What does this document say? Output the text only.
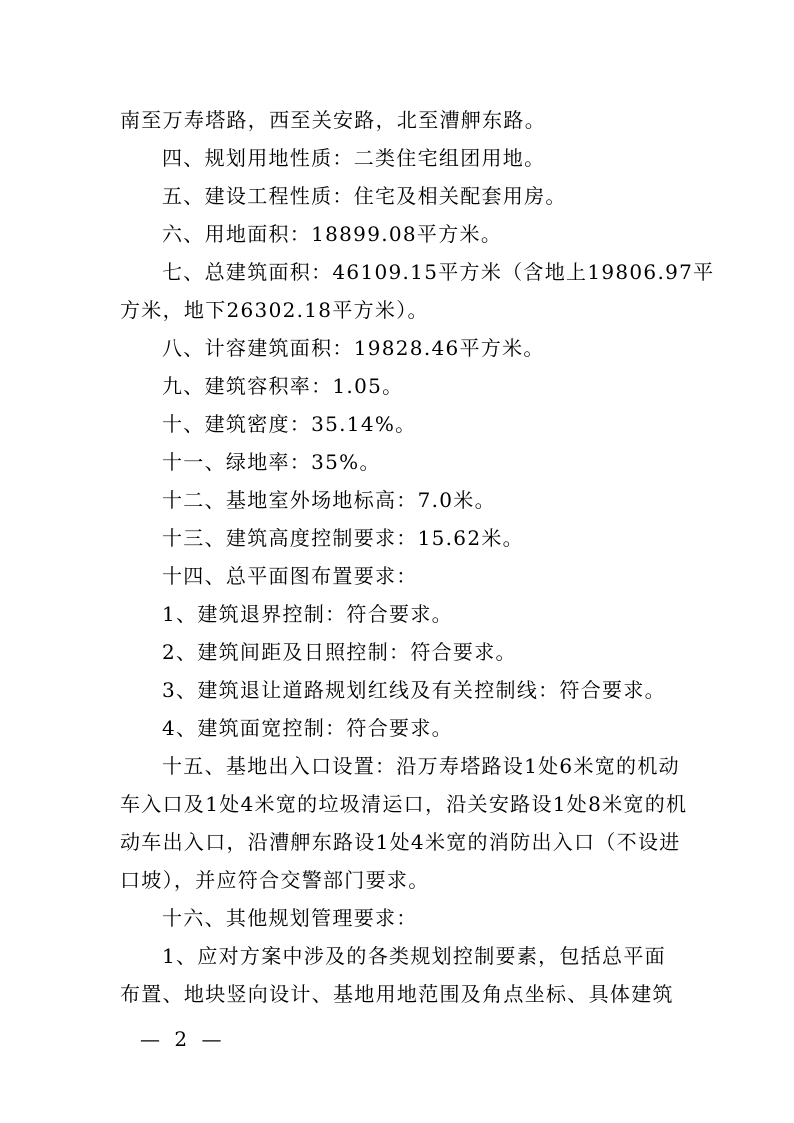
南至万寿塔路，西至关安路，北至漕舺东路。
四、规划用地性质：二类住宅组团用地。
五、建设工程性质：住宅及相关配套用房。
六、用地面积：18899.08平方米。
七、总建筑面积：46109.15平方米（含地上19806.97平
方米，地下26302.18平方米）。
八、计容建筑面积：19828.46平方米。
九、建筑容积率：1.05。
十、建筑密度：35.14%。
十一、绿地率：35%。
十二、基地室外场地标高：7.0米。
十三、建筑高度控制要求：15.62米。
十四、总平面图布置要求：
1、建筑退界控制：符合要求。
2、建筑间距及日照控制：符合要求。
3、建筑退让道路规划红线及有关控制线：符合要求。
4、建筑面宽控制：符合要求。
十五、基地出入口设置：沿万寿塔路设1处6米宽的机动
车入口及1处4米宽的垃圾清运口，沿关安路设1处8米宽的机
动车出入口，沿漕舺东路设1处4米宽的消防出入口（不设进
口坡），并应符合交警部门要求。
十六、其他规划管理要求：
1、应对方案中涉及的各类规划控制要素，包括总平面
布置、地块竖向设计、基地用地范围及角点坐标、具体建筑
— 2 —
